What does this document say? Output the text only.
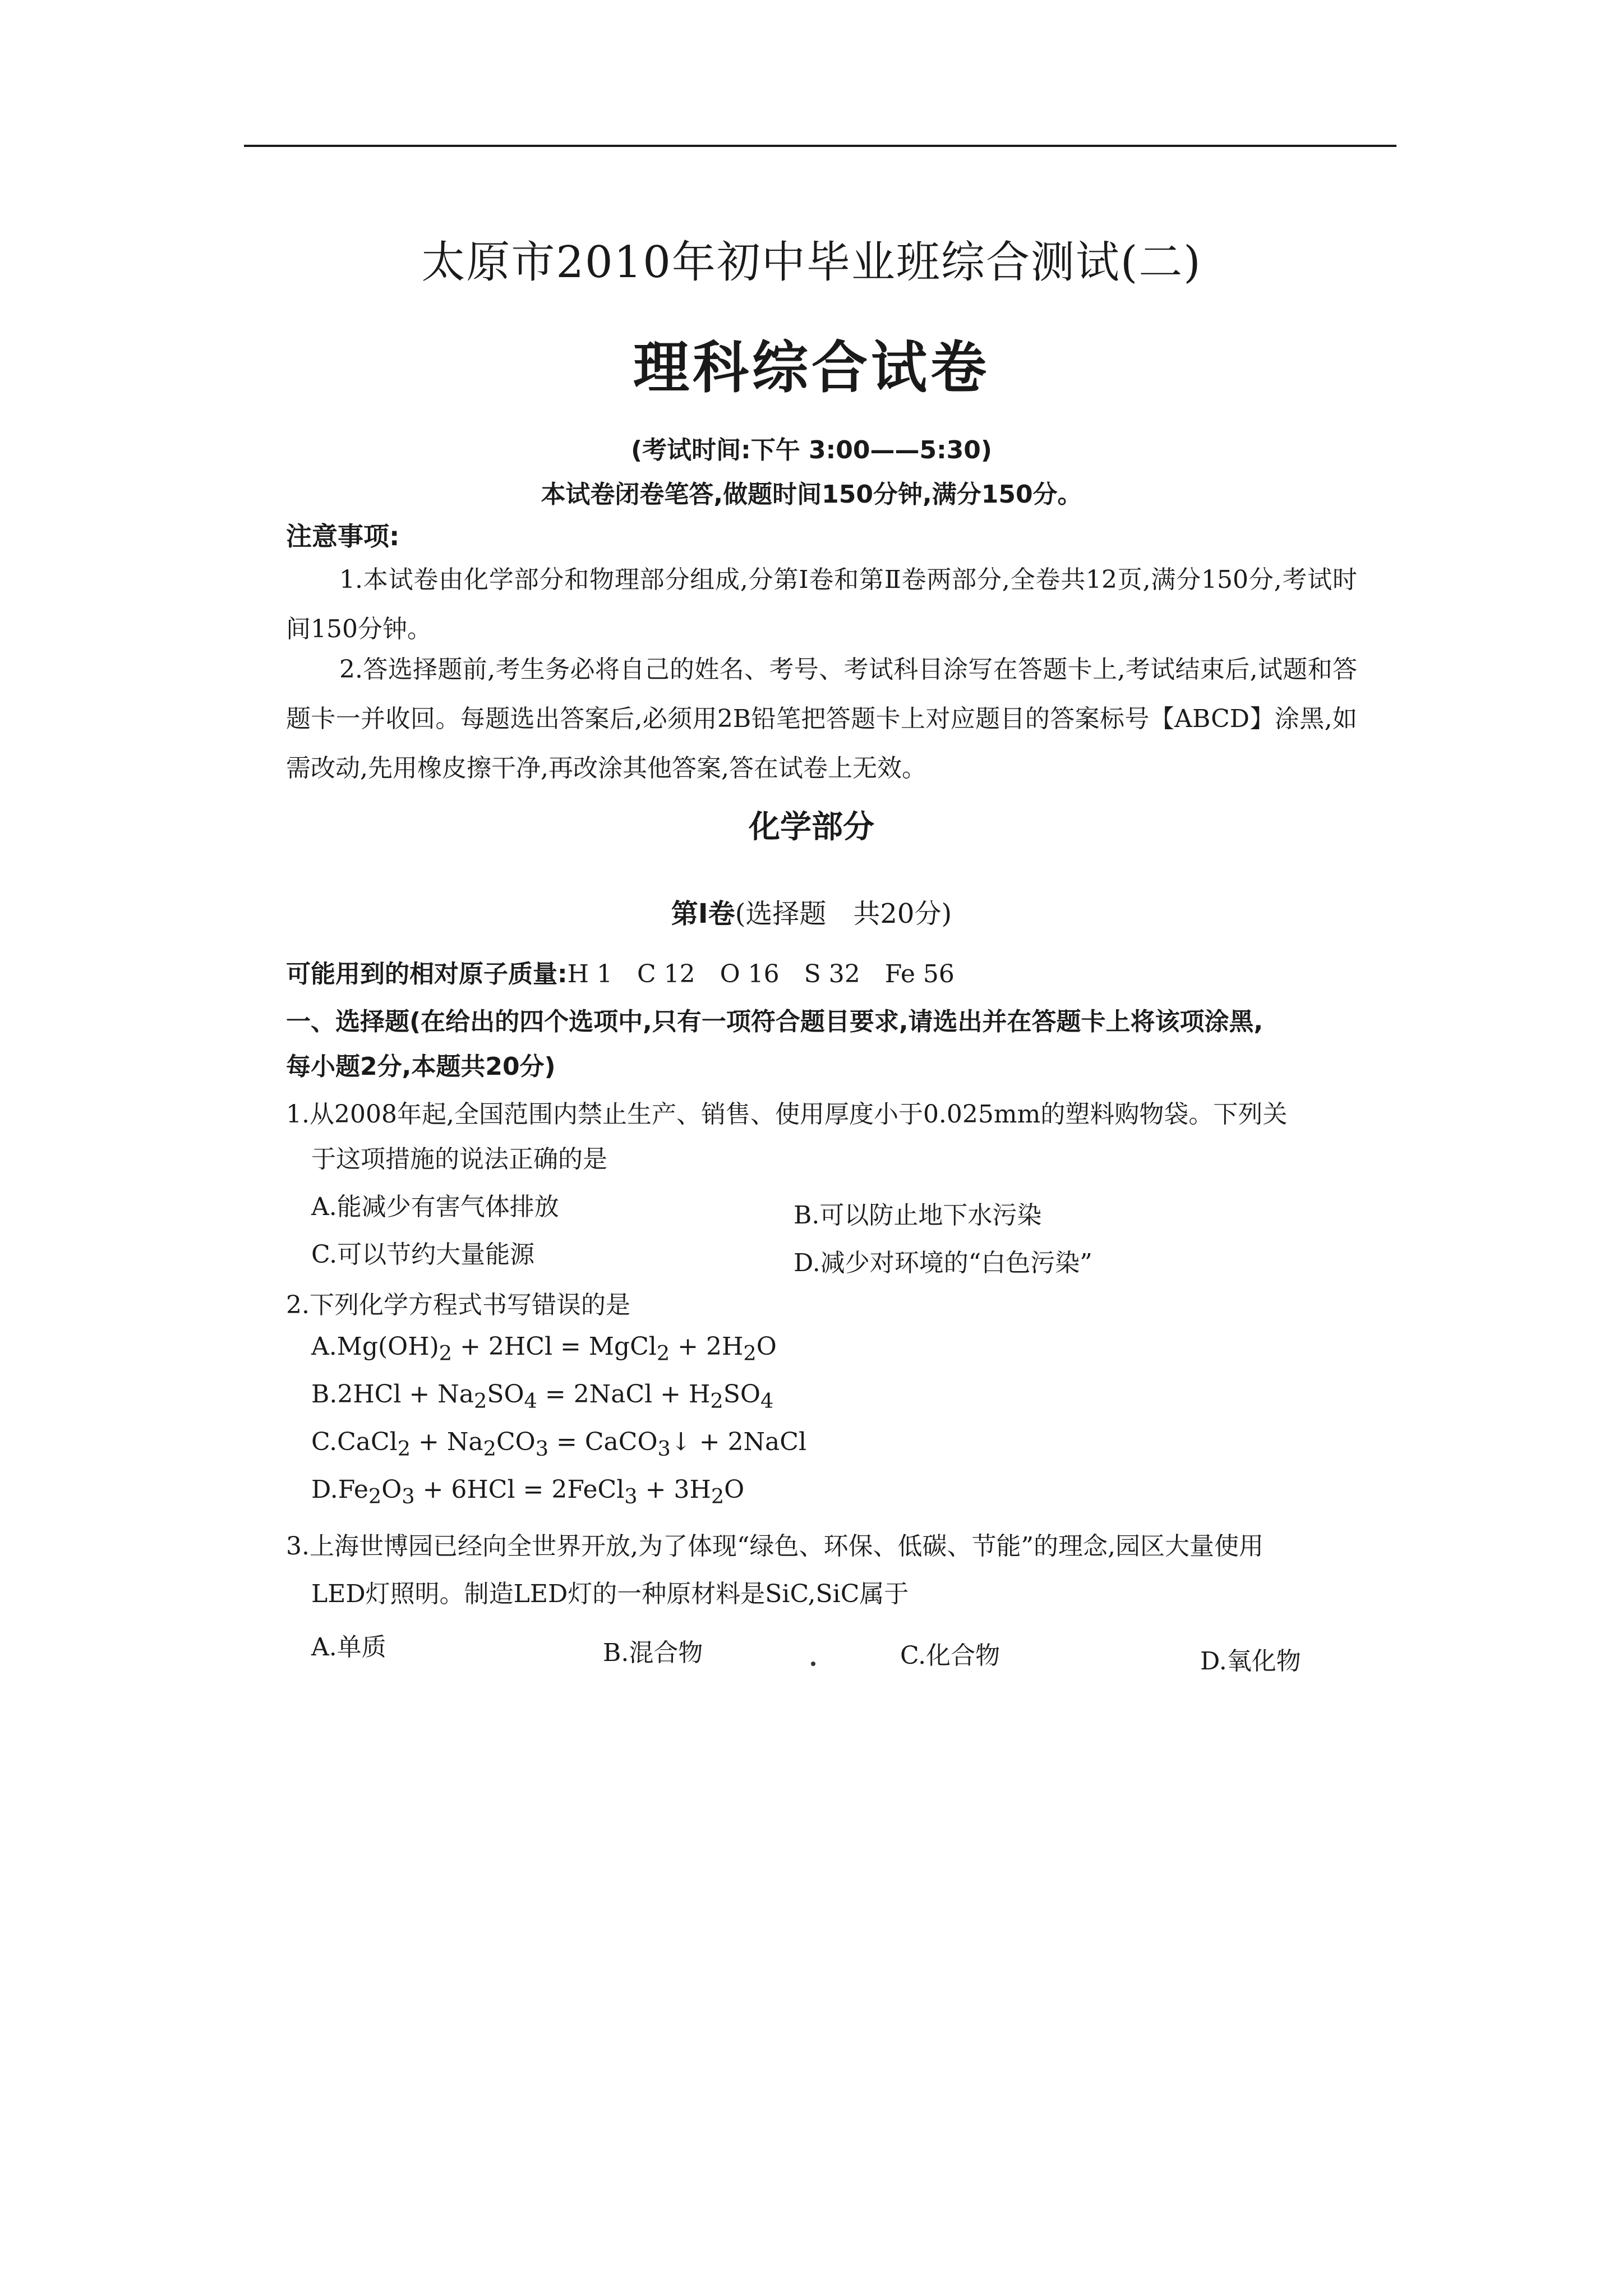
太原市2010年初中毕业班综合测试(二)
理科综合试卷
(考试时间:下午 3:00——5:30)
本试卷闭卷笔答,做题时间150分钟,满分150分。
注意事项:
1.本试卷由化学部分和物理部分组成,分第Ⅰ卷和第Ⅱ卷两部分,全卷共12页,满分150分,考试时间150分钟。
2.答选择题前,考生务必将自己的姓名、考号、考试科目涂写在答题卡上,考试结束后,试题和答题卡一并收回。每题选出答案后,必须用2B铅笔把答题卡上对应题目的答案标号【ABCD】涂黑,如需改动,先用橡皮擦干净,再改涂其他答案,答在试卷上无效。
化学部分
第Ⅰ卷(选择题　共20分)
可能用到的相对原子质量:H 1　C 12　O 16　S 32　Fe 56
一、选择题(在给出的四个选项中,只有一项符合题目要求,请选出并在答题卡上将该项涂黑,
每小题2分,本题共20分)
1.从2008年起,全国范围内禁止生产、销售、使用厚度小于0.025mm的塑料购物袋。下列关
于这项措施的说法正确的是
A.能减少有害气体排放	B.可以防止地下水污染
C.可以节约大量能源	D.减少对环境的“白色污染”
2.下列化学方程式书写错误的是
$A.Mg(OH)_2 + 2HCl$ = MgCl$_2$ + $2H_2O$
$B.2HCl + Na_2SO_4$ = 2NaCl + $H_2SO_4$
C.CaCl$_2$ + $Na_2CO_3$ = CaCO$_3$↓ + 2NaCl
$D.Fe_2O_3 + 6HCl$ = 2FeCl$_3$ + $3H_2O$
3.上海世博园已经向全世界开放,为了体现“绿色、环保、低碳、节能”的理念,园区大量使用
LED灯照明。制造LED灯的一种原材料是SiC,SiC属于
A.单质	B.混合物	C.化合物	D.氧化物
